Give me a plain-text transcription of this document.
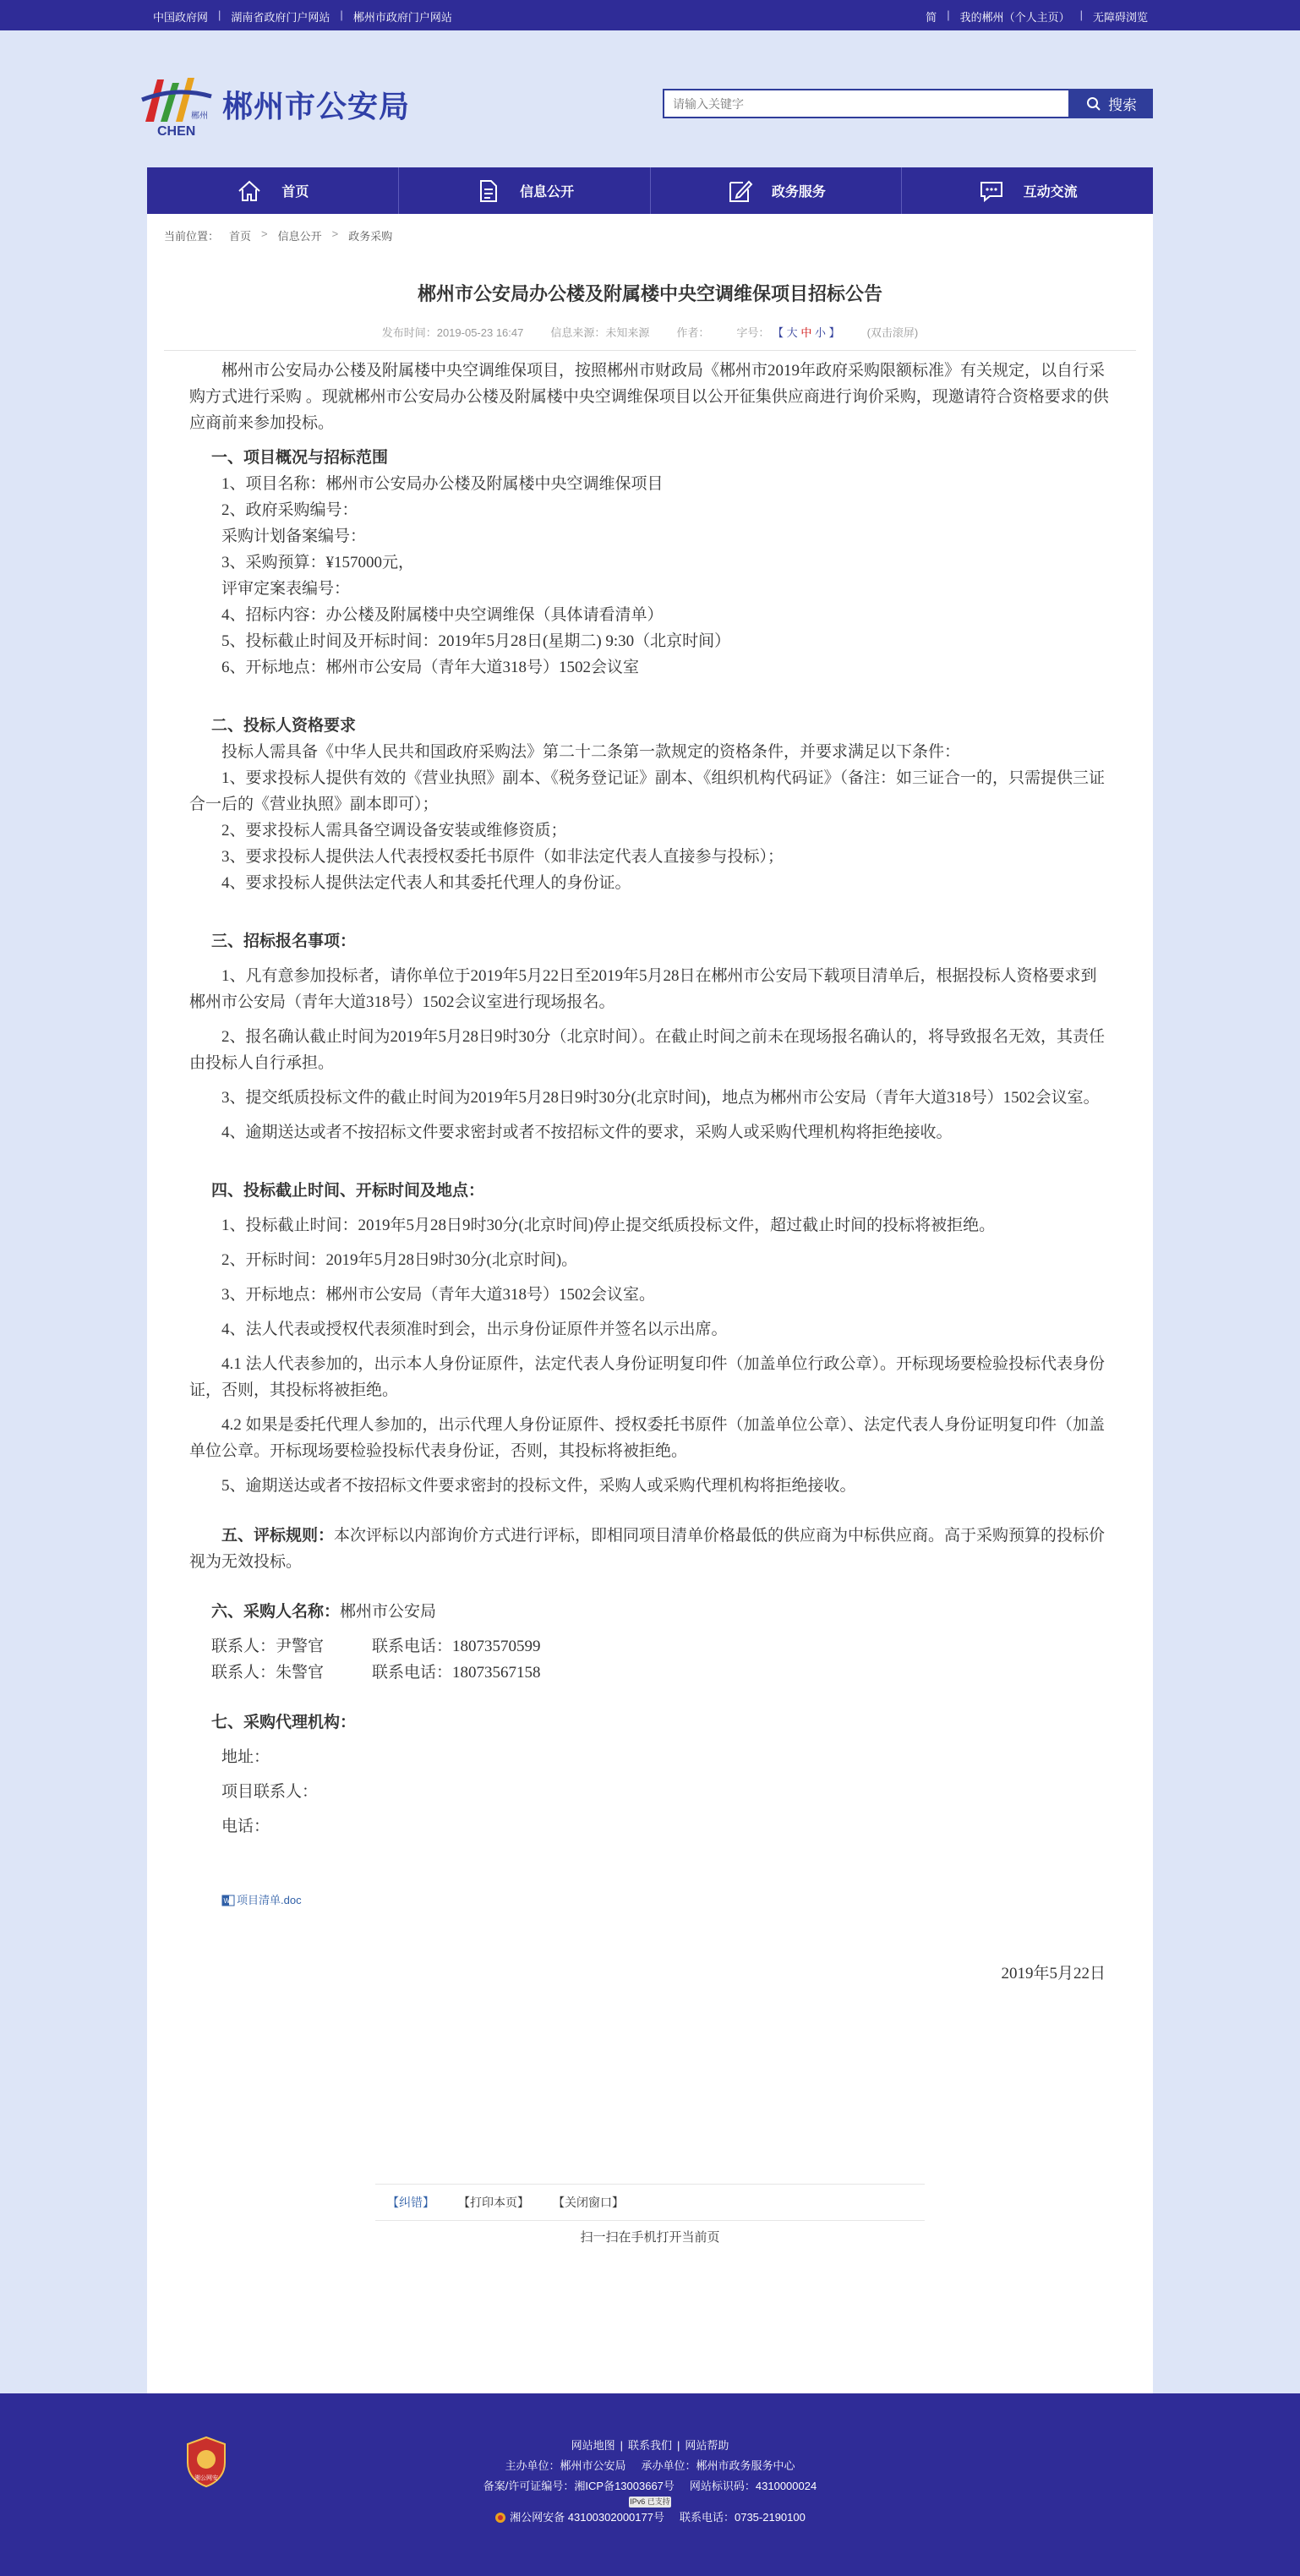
中国政府网 | 湖南省政府门户网站 | 郴州市政府门户网站	简 | 我的郴州（个人主页） | 无障碍浏览
郴州
CHEN
郴州市公安局
请输入关键字	搜索
首页	信息公开	政务服务	互动交流
当前位置： 首页 > 信息公开 > 政务采购
郴州市公安局办公楼及附属楼中央空调维保项目招标公告
发布时间：2019-05-23 16:47 信息来源：未知来源 作者： 字号： 【 大 中 小 】 (双击滚屏)

郴州市公安局办公楼及附属楼中央空调维保项目，按照郴州市财政局《郴州市2019年政府采购限额标准》有关规定，以自行采购方式进行采购 。现就郴州市公安局办公楼及附属楼中央空调维保项目以公开征集供应商进行询价采购，现邀请符合资格要求的供应商前来参加投标。

一、项目概况与招标范围

1、项目名称：郴州市公安局办公楼及附属楼中央空调维保项目

2、政府采购编号：

采购计划备案编号：

3、采购预算：¥157000元，

评审定案表编号：

4、招标内容：办公楼及附属楼中央空调维保（具体请看清单）

5、投标截止时间及开标时间：2019年5月28日(星期二) 9:30（北京时间）

6、开标地点：郴州市公安局（青年大道318号）1502会议室

二、投标人资格要求

投标人需具备《中华人民共和国政府采购法》第二十二条第一款规定的资格条件，并要求满足以下条件：

1、要求投标人提供有效的《营业执照》副本、《税务登记证》副本、《组织机构代码证》（备注：如三证合一的，只需提供三证合一后的《营业执照》副本即可）；

2、要求投标人需具备空调设备安装或维修资质；

3、要求投标人提供法人代表授权委托书原件（如非法定代表人直接参与投标）；

4、要求投标人提供法定代表人和其委托代理人的身份证。

三、招标报名事项：

1、凡有意参加投标者，请你单位于2019年5月22日至2019年5月28日在郴州市公安局下载项目清单后，根据投标人资格要求到郴州市公安局（青年大道318号）1502会议室进行现场报名。

2、报名确认截止时间为2019年5月28日9时30分（北京时间）。在截止时间之前未在现场报名确认的，将导致报名无效，其责任由投标人自行承担。

3、提交纸质投标文件的截止时间为2019年5月28日9时30分(北京时间)，地点为郴州市公安局（青年大道318号）1502会议室。

4、逾期送达或者不按招标文件要求密封或者不按招标文件的要求，采购人或采购代理机构将拒绝接收。

四、投标截止时间、开标时间及地点：

1、投标截止时间：2019年5月28日9时30分(北京时间)停止提交纸质投标文件，超过截止时间的投标将被拒绝。

2、开标时间：2019年5月28日9时30分(北京时间)。

3、开标地点：郴州市公安局（青年大道318号）1502会议室。

4、法人代表或授权代表须准时到会，出示身份证原件并签名以示出席。

4.1 法人代表参加的，出示本人身份证原件，法定代表人身份证明复印件（加盖单位行政公章）。开标现场要检验投标代表身份证，否则，其投标将被拒绝。

4.2 如果是委托代理人参加的，出示代理人身份证原件、授权委托书原件（加盖单位公章）、法定代表人身份证明复印件（加盖单位公章。开标现场要检验投标代表身份证，否则，其投标将被拒绝。

5、逾期送达或者不按招标文件要求密封的投标文件，采购人或采购代理机构将拒绝接收。

五、评标规则：本次评标以内部询价方式进行评标，即相同项目清单价格最低的供应商为中标供应商。高于采购预算的投标价视为无效投标。

六、采购人名称：郴州市公安局

联系人：尹警官	联系电话：18073570599

联系人：朱警官	联系电话：18073567158

七、采购代理机构：

地址：

项目联系人：

电话：

W 项目清单.doc

2019年5月22日

【纠错】 【打印本页】 【关闭窗口】
扫一扫在手机打开当前页
湘公网安
网站地图 | 联系我们 | 网站帮助
主办单位：郴州市公安局 承办单位：郴州市政务服务中心
备案/许可证编号：湘ICP备13003667号 网站标识码：4310000024
IPv6 已支持
湘公网安备 43100302000177号 联系电话：0735-2190100
